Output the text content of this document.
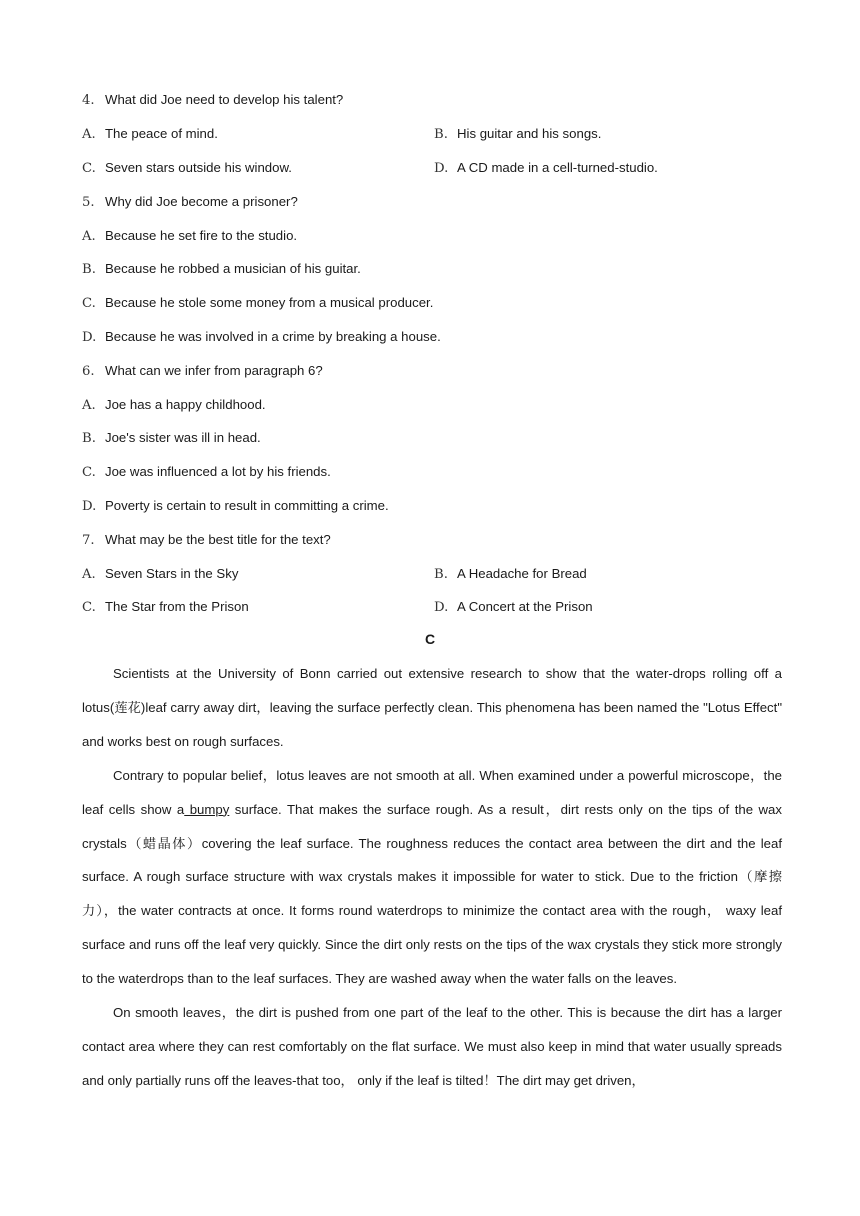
4. What did Joe need to develop his talent?
A. The peace of mind.	B. His guitar and his songs.
C. Seven stars outside his window.	D. A CD made in a cell-turned-studio.
5. Why did Joe become a prisoner?
A. Because he set fire to the studio.
B. Because he robbed a musician of his guitar.
C. Because he stole some money from a musical producer.
D. Because he was involved in a crime by breaking a house.
6. What can we infer from paragraph 6?
A. Joe has a happy childhood.
B. Joe's sister was ill in head.
C. Joe was influenced a lot by his friends.
D. Poverty is certain to result in committing a crime.
7. What may be the best title for the text?
A. Seven Stars in the Sky	B. A Headache for Bread
C. The Star from the Prison	D. A Concert at the Prison
C

Scientists at the University of Bonn carried out extensive research to show that the water-drops rolling off a lotus(莲花)leaf carry away dirt，leaving the surface perfectly clean. This phenomena has been named the "Lotus Effect" and works best on rough surfaces.

Contrary to popular belief，lotus leaves are not smooth at all. When examined under a powerful microscope，the leaf cells show a bumpy surface. That makes the surface rough. As a result，dirt rests only on the tips of the wax crystals（蜡晶体）covering the leaf surface. The roughness reduces the contact area between the dirt and the leaf surface. A rough surface structure with wax crystals makes it impossible for water to stick. Due to the friction（摩擦力），the water contracts at once. It forms round waterdrops to minimize the contact area with the rough， waxy leaf surface and runs off the leaf very quickly. Since the dirt only rests on the tips of the wax crystals they stick more strongly to the waterdrops than to the leaf surfaces. They are washed away when the water falls on the leaves.

On smooth leaves，the dirt is pushed from one part of the leaf to the other. This is because the dirt has a larger contact area where they can rest comfortably on the flat surface. We must also keep in mind that water usually spreads and only partially runs off the leaves-that too， only if the leaf is tilted！The dirt may get driven，
